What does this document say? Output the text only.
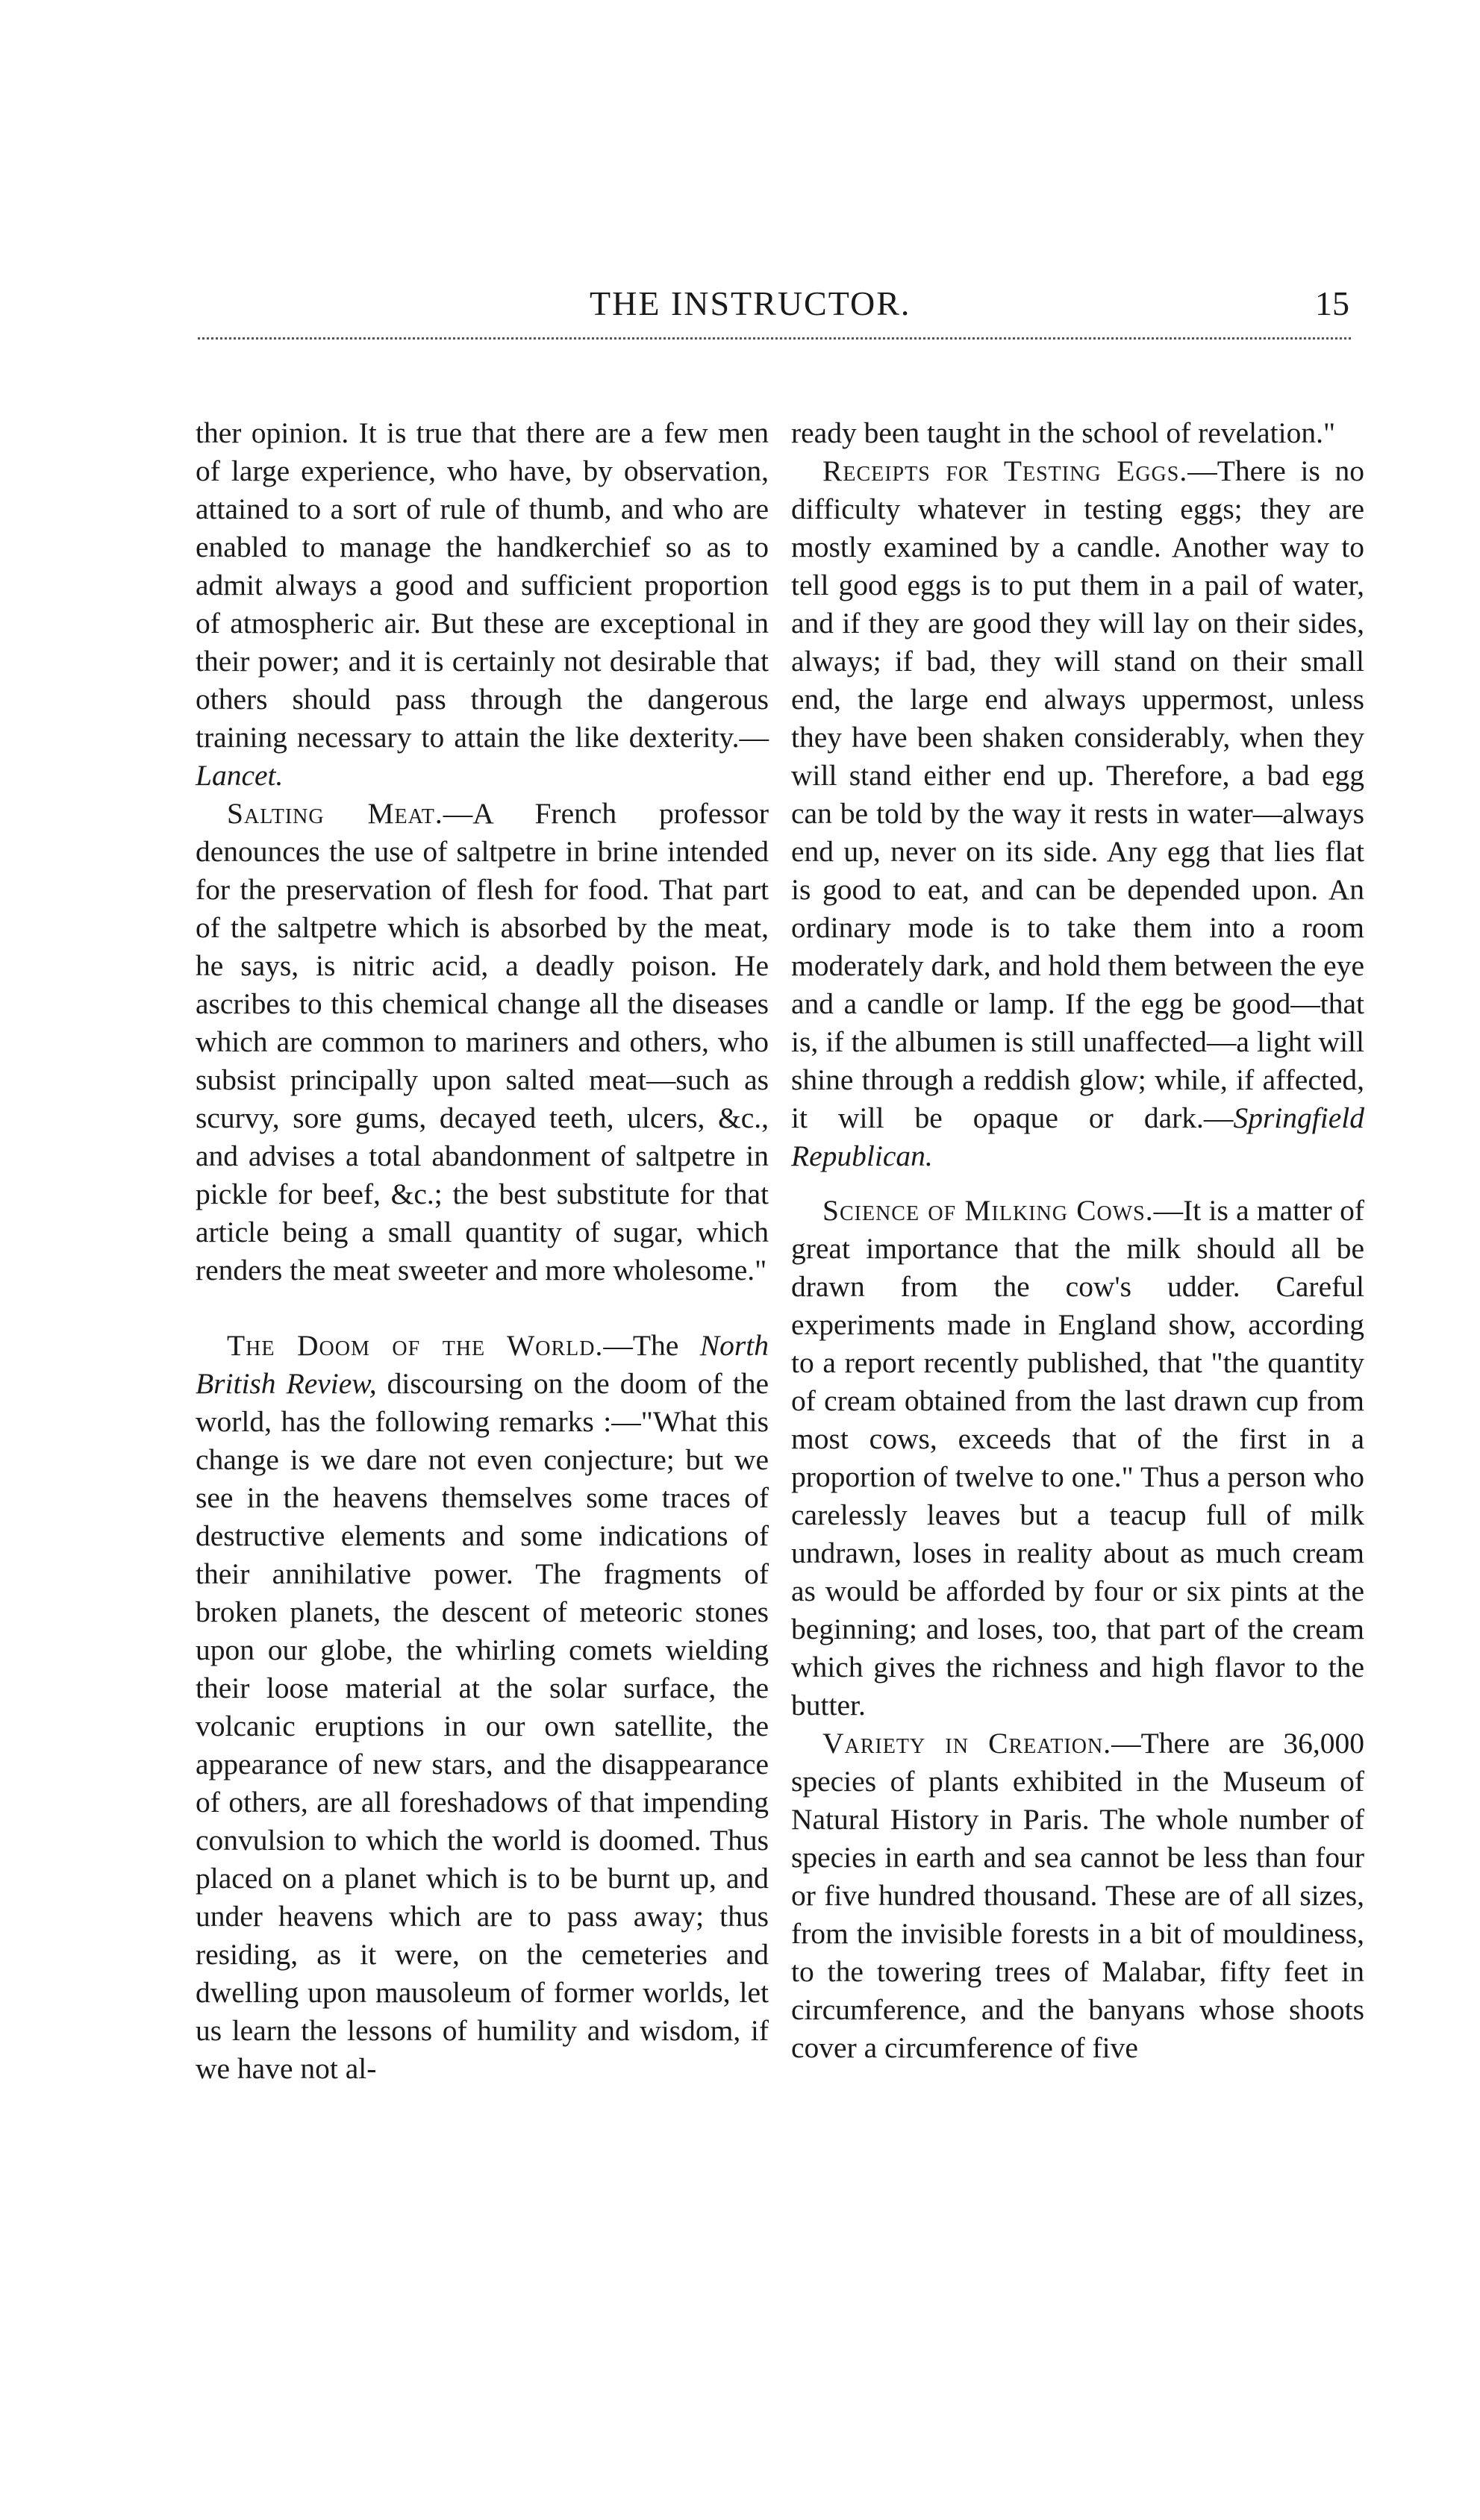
THE INSTRUCTOR.	15

ther opinion. It is true that there are a few men of large experience, who have, by observation, attained to a sort of rule of thumb, and who are enabled to manage the handkerchief so as to admit always a good and sufficient proportion of atmospheric air. But these are exceptional in their power; and it is certainly not desirable that others should pass through the dangerous training necessary to attain the like dexterity.—Lancet.

Salting Meat.—A French professor denounces the use of saltpetre in brine intended for the preservation of flesh for food. That part of the saltpetre which is absorbed by the meat, he says, is nitric acid, a deadly poison. He ascribes to this chemical change all the diseases which are common to mariners and others, who subsist principally upon salted meat—such as scurvy, sore gums, decayed teeth, ulcers, &c., and advises a total abandonment of saltpetre in pickle for beef, &c.; the best substitute for that article being a small quantity of sugar, which renders the meat sweeter and more wholesome."

The Doom of the World.—The North British Review, discoursing on the doom of the world, has the following remarks :—"What this change is we dare not even conjecture; but we see in the heavens themselves some traces of destructive elements and some indications of their annihilative power. The fragments of broken planets, the descent of meteoric stones upon our globe, the whirling comets wielding their loose material at the solar surface, the volcanic eruptions in our own satellite, the appearance of new stars, and the disappearance of others, are all foreshadows of that impending convulsion to which the world is doomed. Thus placed on a planet which is to be burnt up, and under heavens which are to pass away; thus residing, as it were, on the cemeteries and dwelling upon mausoleum of former worlds, let us learn the lessons of humility and wisdom, if we have not al-

ready been taught in the school of revelation."

Receipts for Testing Eggs.—There is no difficulty whatever in testing eggs; they are mostly examined by a candle. Another way to tell good eggs is to put them in a pail of water, and if they are good they will lay on their sides, always; if bad, they will stand on their small end, the large end always uppermost, unless they have been shaken considerably, when they will stand either end up. Therefore, a bad egg can be told by the way it rests in water—always end up, never on its side. Any egg that lies flat is good to eat, and can be depended upon. An ordinary mode is to take them into a room moderately dark, and hold them between the eye and a candle or lamp. If the egg be good—that is, if the albumen is still unaffected—a light will shine through a reddish glow; while, if affected, it will be opaque or dark.—Springfield Republican.

Science of Milking Cows.—It is a matter of great importance that the milk should all be drawn from the cow's udder. Careful experiments made in England show, according to a report recently published, that "the quantity of cream obtained from the last drawn cup from most cows, exceeds that of the first in a proportion of twelve to one." Thus a person who carelessly leaves but a teacup full of milk undrawn, loses in reality about as much cream as would be afforded by four or six pints at the beginning; and loses, too, that part of the cream which gives the richness and high flavor to the butter.

Variety in Creation.—There are 36,000 species of plants exhibited in the Museum of Natural History in Paris. The whole number of species in earth and sea cannot be less than four or five hundred thousand. These are of all sizes, from the invisible forests in a bit of mouldiness, to the towering trees of Malabar, fifty feet in circumference, and the banyans whose shoots cover a circumference of five
